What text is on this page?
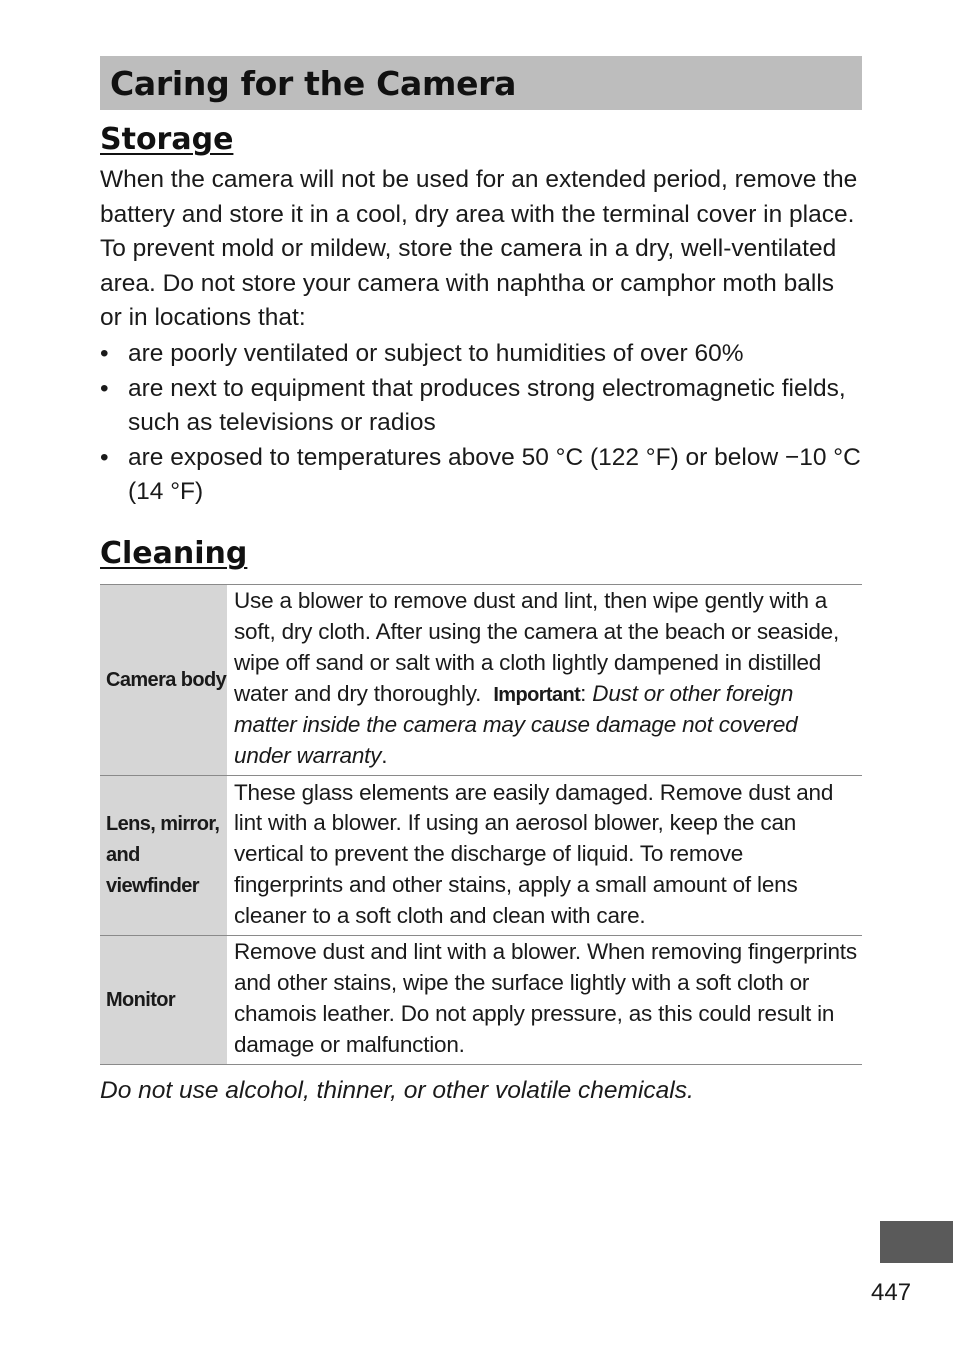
Caring for the Camera
Storage

When the camera will not be used for an extended period, remove the battery and store it in a cool, dry area with the terminal cover in place. To prevent mold or mildew, store the camera in a dry, well-ventilated area. Do not store your camera with naphtha or camphor moth balls or in locations that:

• are poorly ventilated or subject to humidities of over 60%
• are next to equipment that produces strong electromagnetic fields, such as televisions or radios
• are exposed to temperatures above 50 °C (122 °F) or below −10 °C (14 °F)
Cleaning
Camera body	Use a blower to remove dust and lint, then wipe gently with a soft, dry cloth. After using the camera at the beach or seaside, wipe off sand or salt with a cloth lightly dampened in distilled water and dry thoroughly. Important: Dust or other foreign matter inside the camera may cause damage not covered under warranty.
Lens, mirror, and viewfinder	These glass elements are easily damaged. Remove dust and lint with a blower. If using an aerosol blower, keep the can vertical to prevent the discharge of liquid. To remove fingerprints and other stains, apply a small amount of lens cleaner to a soft cloth and clean with care.
Monitor	Remove dust and lint with a blower. When removing fingerprints and other stains, wipe the surface lightly with a soft cloth or chamois leather. Do not apply pressure, as this could result in damage or malfunction.

Do not use alcohol, thinner, or other volatile chemicals.

447
